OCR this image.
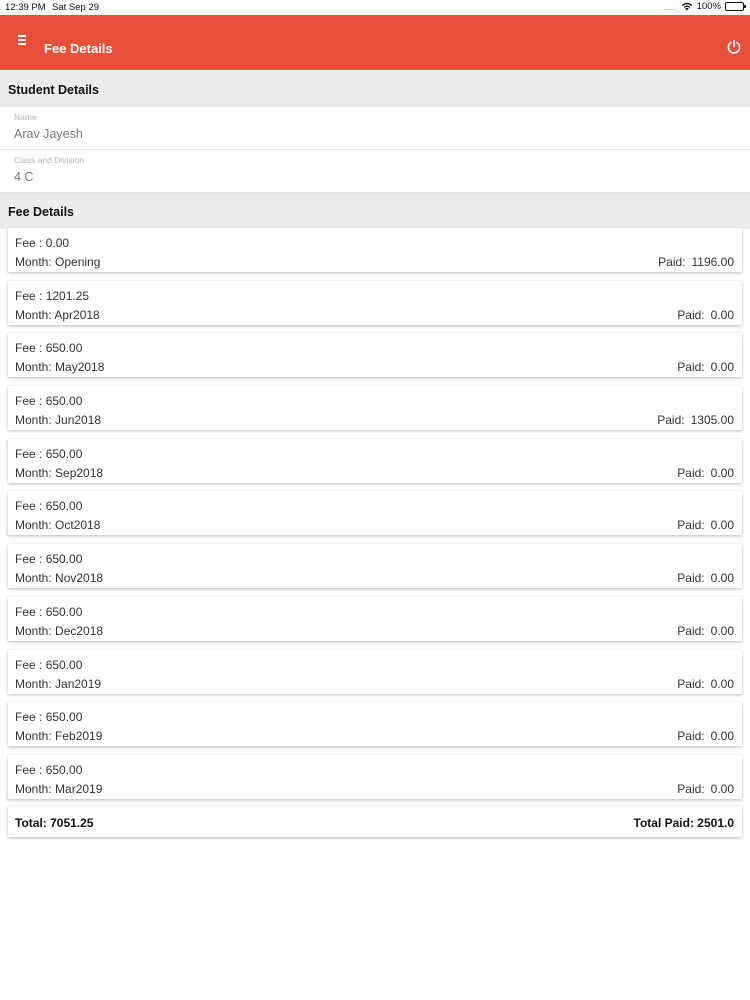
12:39 PM Sat Sep 29	.... 100%
Fee Details
Student Details
Name
Arav Jayesh
Class and Division
4 C
Fee Details
Fee : 0.00
Month: Opening	Paid: 1196.00
Fee : 1201.25
Month: Apr2018	Paid: 0.00
Fee : 650.00
Month: May2018	Paid: 0.00
Fee : 650.00
Month: Jun2018	Paid: 1305.00
Fee : 650.00
Month: Sep2018	Paid: 0.00
Fee : 650.00
Month: Oct2018	Paid: 0.00
Fee : 650.00
Month: Nov2018	Paid: 0.00
Fee : 650.00
Month: Dec2018	Paid: 0.00
Fee : 650.00
Month: Jan2019	Paid: 0.00
Fee : 650.00
Month: Feb2019	Paid: 0.00
Fee : 650.00
Month: Mar2019	Paid: 0.00
Total: 7051.25	Total Paid: 2501.0
